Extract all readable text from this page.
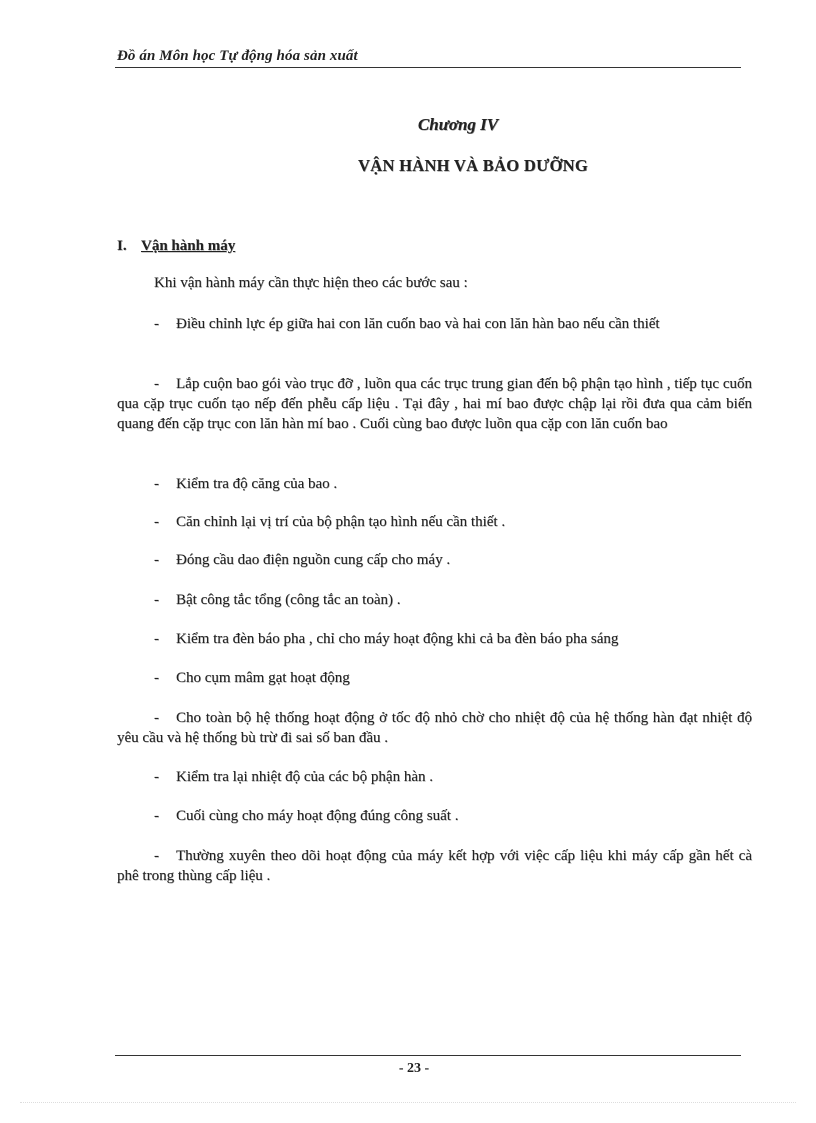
Đồ án Môn học Tự động hóa sản xuất
Chương IV
VẬN HÀNH VÀ BẢO DƯỠNG
I. Vận hành máy
Khi vận hành máy cần thực hiện theo các bước sau :
- Điều chỉnh lực ép giữa hai con lăn cuốn bao và hai con lăn hàn bao nếu cần thiết
- Lắp cuộn bao gói vào trục đỡ , luồn qua các trục trung gian đến bộ phận tạo hình , tiếp tục cuốn qua cặp trục cuốn tạo nếp đến phễu cấp liệu . Tại đây , hai mí bao được chập lại rồi đưa qua cảm biến quang đến cặp trục con lăn hàn mí bao . Cuối cùng bao được luồn qua cặp con lăn cuốn bao
- Kiểm tra độ căng của bao .
- Căn chỉnh lại vị trí của bộ phận tạo hình nếu cần thiết .
- Đóng cầu dao điện nguồn cung cấp cho máy .
- Bật công tắc tổng (công tắc an toàn) .
- Kiểm tra đèn báo pha , chỉ cho máy hoạt động khi cả ba đèn báo pha sáng
- Cho cụm mâm gạt hoạt động
- Cho toàn bộ hệ thống hoạt động ở tốc độ nhỏ chờ cho nhiệt độ của hệ thống hàn đạt nhiệt độ yêu cầu và hệ thống bù trừ đi sai số ban đầu .
- Kiểm tra lại nhiệt độ của các bộ phận hàn .
- Cuối cùng cho máy hoạt động đúng công suất .
- Thường xuyên theo dõi hoạt động của máy kết hợp với việc cấp liệu khi máy cấp gần hết cà phê trong thùng cấp liệu .
- 23 -
